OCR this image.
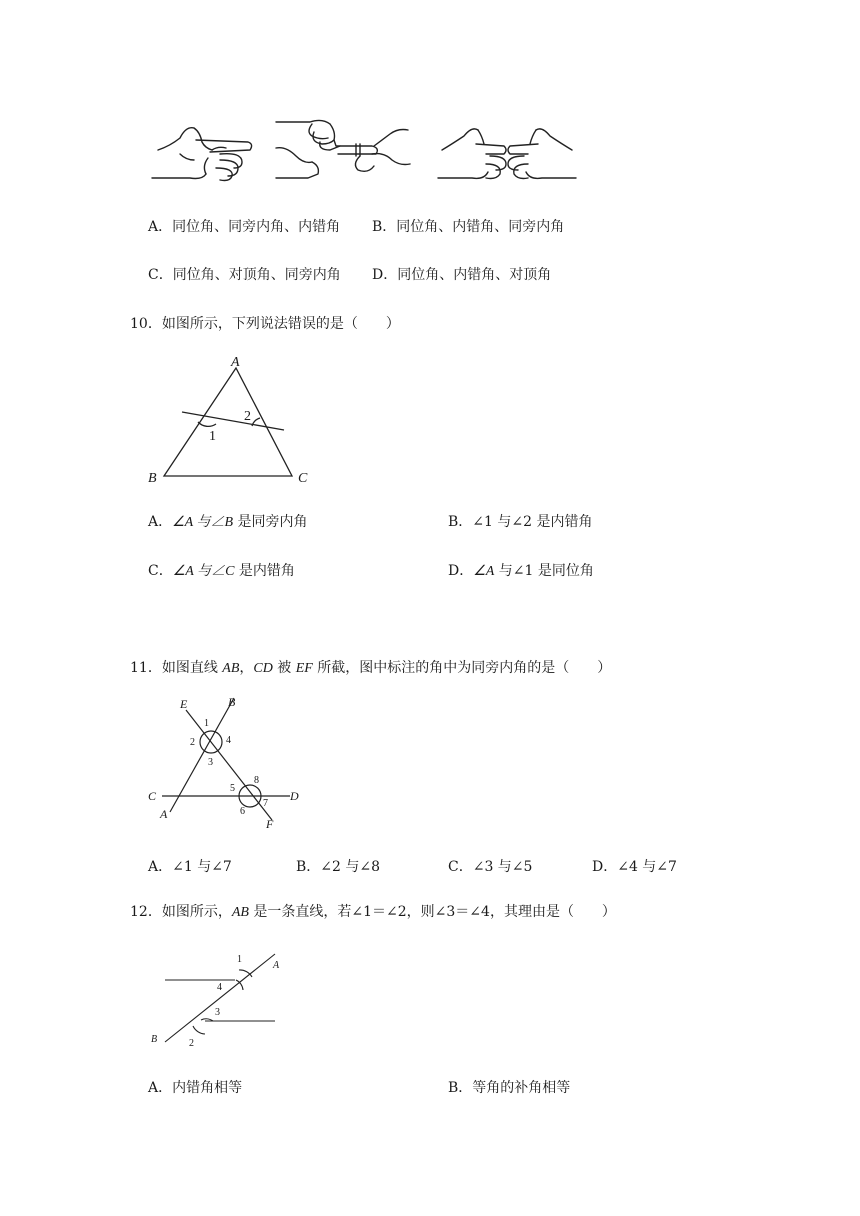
A．同位角、同旁内角、内错角 B．同位角、内错角、同旁内角
C．同位角、对顶角、同旁内角 D．同位角、内错角、对顶角
10．如图所示，下列说法错误的是（　　）
A
B	C
1
2
A．∠A 与∠B 是同旁内角	B．∠1 与∠2 是内错角
C．∠A 与∠C 是内错角	D．∠A 与∠1 是同位角
11．如图直线 AB，CD 被 EF 所截，图中标注的角中为同旁内角的是（　　）
E	B
C	D
A
F
1
2
3
4
5
6
7
8
A．∠1 与∠7	B．∠2 与∠8	C．∠3 与∠5	D．∠4 与∠7
12．如图所示，AB 是一条直线，若∠1＝∠2，则∠3＝∠4，其理由是（　　）
A
B
1
4
3
2
A．内错角相等	B．等角的补角相等
